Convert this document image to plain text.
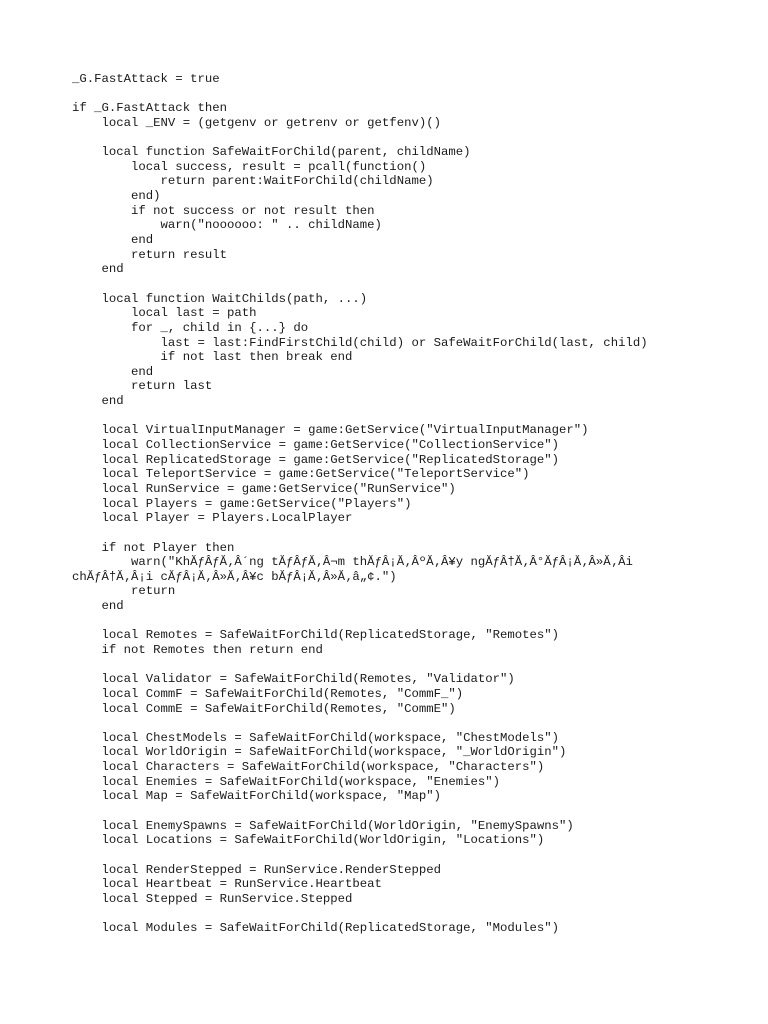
_G.FastAttack = true
if _G.FastAttack then
local _ENV = (getgenv or getrenv or getfenv)()
local function SafeWaitForChild(parent, childName)
local success, result = pcall(function()
return parent:WaitForChild(childName)
end)
if not success or not result then
warn("noooooo: " .. childName)
end
return result
end
local function WaitChilds(path, ...)
local last = path
for _, child in {...} do
last = last:FindFirstChild(child) or SafeWaitForChild(last, child)
if not last then break end
end
return last
end
local VirtualInputManager = game:GetService("VirtualInputManager")
local CollectionService = game:GetService("CollectionService")
local ReplicatedStorage = game:GetService("ReplicatedStorage")
local TeleportService = game:GetService("TeleportService")
local RunService = game:GetService("RunService")
local Players = game:GetService("Players")
local Player = Players.LocalPlayer
if not Player then
warn("KhĂƒÂƒĂ‚Â´ng tĂƒÂƒĂ‚Â¬m thĂƒÂ¡Ă‚ÂºĂ‚Â¥y ngĂƒÂ†Ă‚Â°ĂƒÂ¡Ă‚Â»Ă‚Âi
chĂƒÂ†Ă‚Â¡i cĂƒÂ¡Ă‚Â»Ă‚Â¥c bĂƒÂ¡Ă‚Â»Ă‚â„¢.")
return
end
local Remotes = SafeWaitForChild(ReplicatedStorage, "Remotes")
if not Remotes then return end
local Validator = SafeWaitForChild(Remotes, "Validator")
local CommF = SafeWaitForChild(Remotes, "CommF_")
local CommE = SafeWaitForChild(Remotes, "CommE")
local ChestModels = SafeWaitForChild(workspace, "ChestModels")
local WorldOrigin = SafeWaitForChild(workspace, "_WorldOrigin")
local Characters = SafeWaitForChild(workspace, "Characters")
local Enemies = SafeWaitForChild(workspace, "Enemies")
local Map = SafeWaitForChild(workspace, "Map")
local EnemySpawns = SafeWaitForChild(WorldOrigin, "EnemySpawns")
local Locations = SafeWaitForChild(WorldOrigin, "Locations")
local RenderStepped = RunService.RenderStepped
local Heartbeat = RunService.Heartbeat
local Stepped = RunService.Stepped
local Modules = SafeWaitForChild(ReplicatedStorage, "Modules")
